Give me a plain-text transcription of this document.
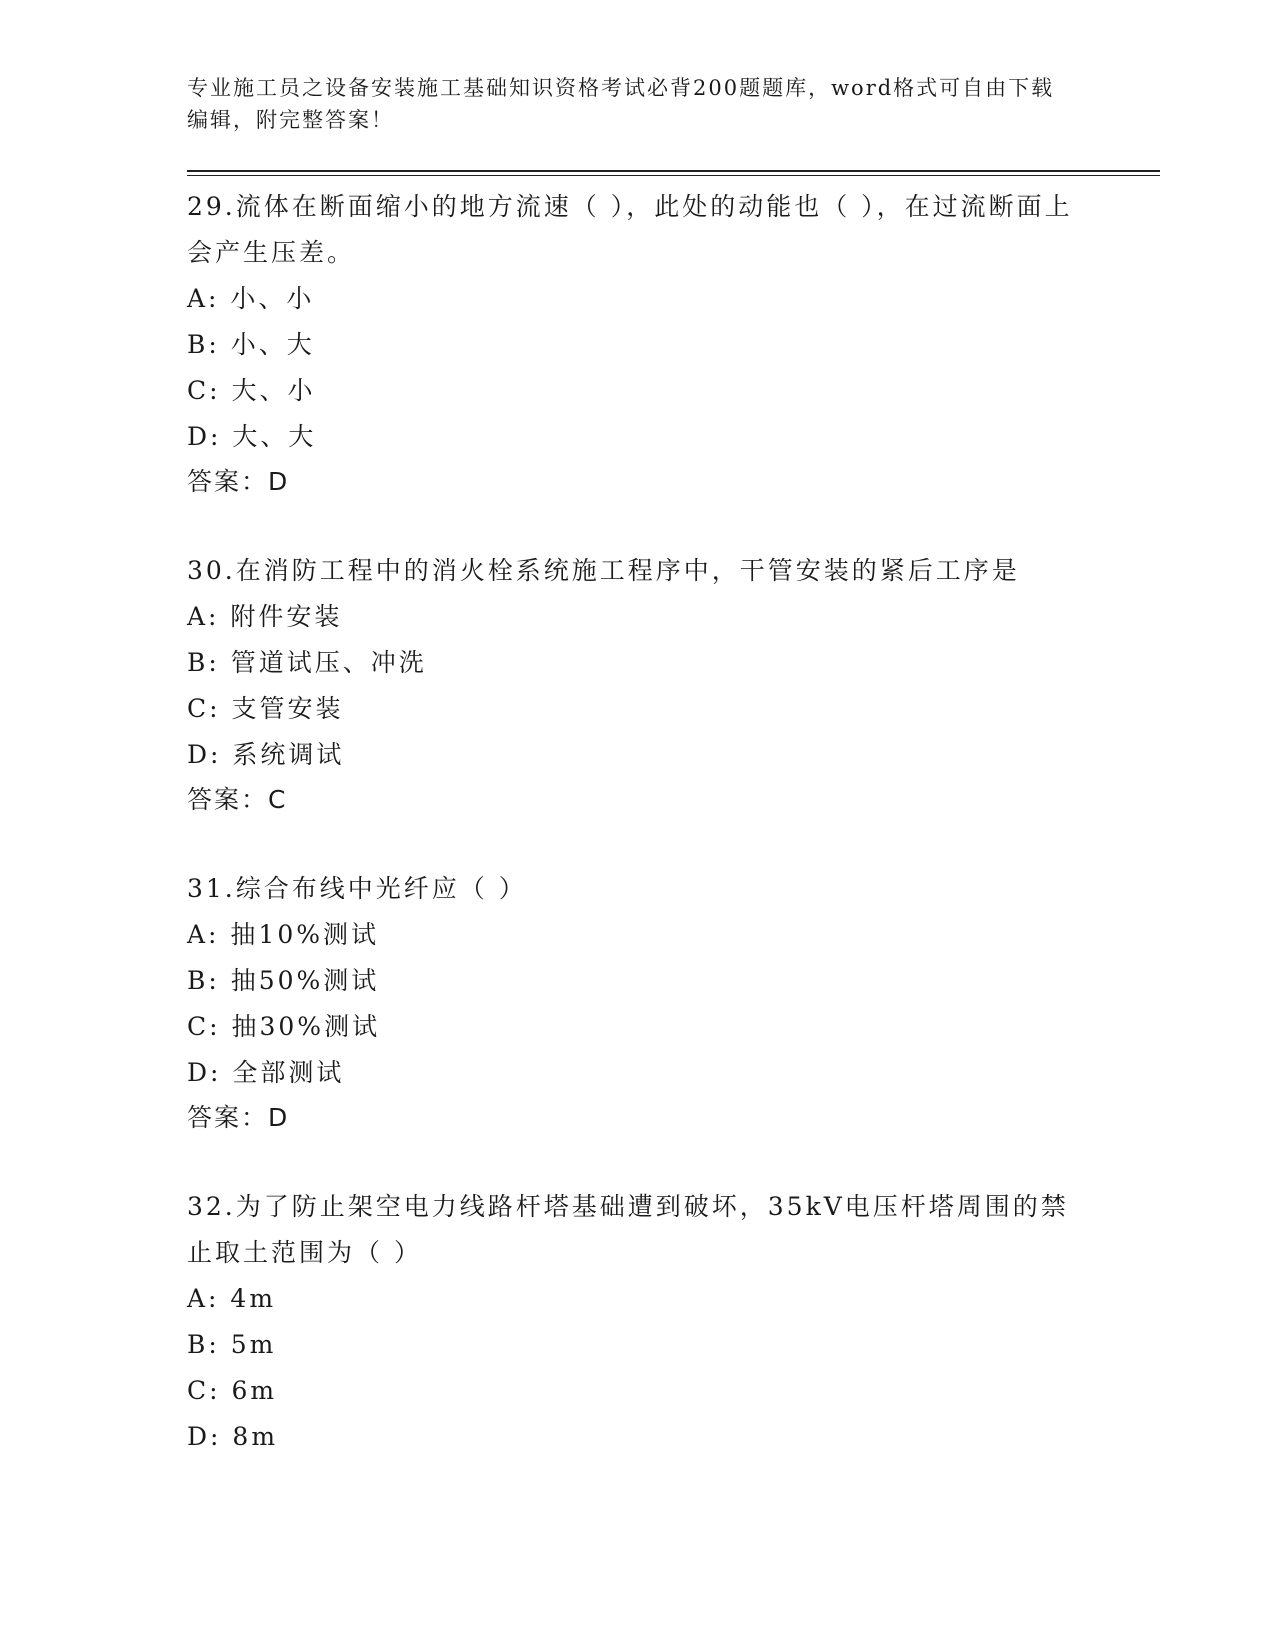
专业施工员之设备安装施工基础知识资格考试必背200题题库，word格式可自由下载编辑，附完整答案！

29.流体在断面缩小的地方流速（ ），此处的动能也（ ），在过流断面上会产生压差。

A: 小、小

B: 小、大

C: 大、小

D: 大、大

答案：D

30.在消防工程中的消火栓系统施工程序中，干管安装的紧后工序是

A: 附件安装

B: 管道试压、冲洗

C: 支管安装

D: 系统调试

答案：C

31.综合布线中光纤应（ ）

A: 抽10%测试

B: 抽50%测试

C: 抽30%测试

D: 全部测试

答案：D

32.为了防止架空电力线路杆塔基础遭到破坏，35kV电压杆塔周围的禁止取土范围为（ ）

A: 4m

B: 5m

C: 6m

D: 8m
